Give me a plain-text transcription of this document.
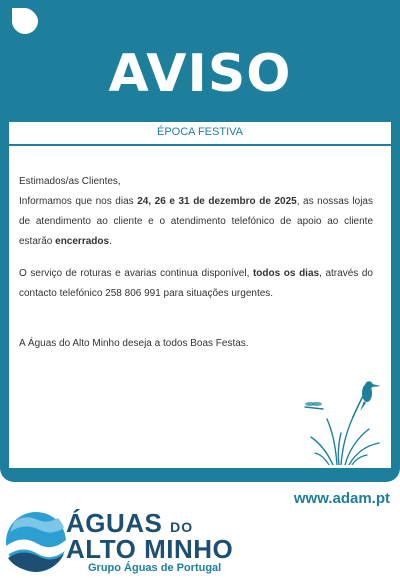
AVISO
ÉPOCA FESTIVA

Estimados/as Clientes,

Informamos que nos dias 24, 26 e 31 de dezembro de 2025, as nossas lojas de atendimento ao cliente e o atendimento telefónico de apoio ao cliente estarão encerrados.

O serviço de roturas e avarias continua disponível, todos os dias, através do contacto telefónico 258 806 991 para situações urgentes.

A Águas do Alto Minho deseja a todos Boas Festas.

www.adam.pt
ÁGUAS DO
ALTO MINHO
Grupo Águas de Portugal
